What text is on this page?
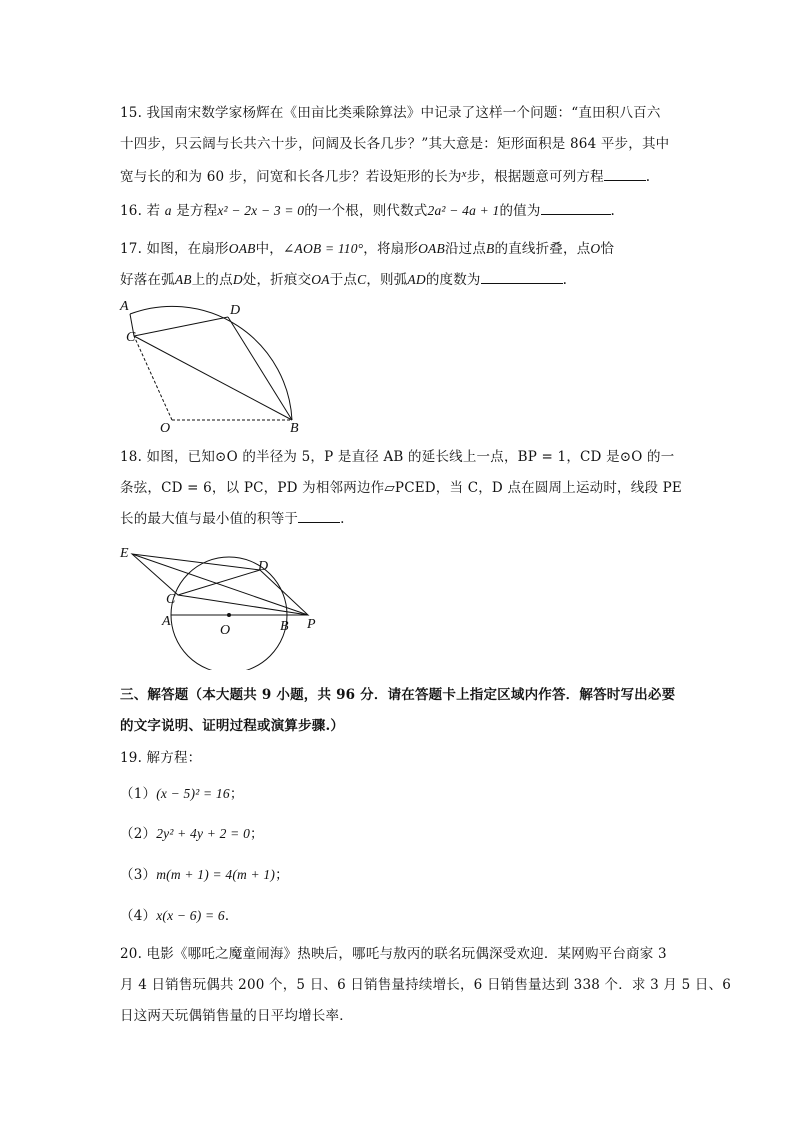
15. 我国南宋数学家杨辉在《田亩比类乘除算法》中记录了这样一个问题：“直田积八百六
十四步，只云阔与长共六十步，问阔及长各几步？”其大意是：矩形面积是 864 平步，其中
宽与长的和为 60 步，问宽和长各几步？若设矩形的长为$^x$步，根据题意可列方程	.
16. 若 a 是方程x² − 2x − 3 = 0的一个根，则代数式2a² − 4a + 1的值为	.
17. 如图，在扇形OAB中，∠AOB = 110°，将扇形OAB沿过点B的直线折叠，点O恰
好落在弧AB上的点D处，折痕交OA于点C，则弧AD的度数为	.
A
C
D
O	B
18. 如图，已知⊙O 的半径为 5，P 是直径 AB 的延长线上一点，BP = 1，CD 是⊙O 的一
条弦，CD = 6，以 PC，PD 为相邻两边作▱PCED，当 C，D 点在圆周上运动时，线段 PE
长的最大值与最小值的积等于	.
E
D
C
A
O	B P
三、解答题（本大题共 9 小题，共 96 分．请在答题卡上指定区域内作答．解答时写出必要
的文字说明、证明过程或演算步骤.）
19. 解方程：
（1）(x − 5)² = 16；
（2）2y² + 4y + 2 = 0；
（3）m(m + 1) = 4(m + 1)；
（4）x(x − 6) = 6．
20. 电影《哪吒之魔童闹海》热映后，哪吒与敖丙的联名玩偶深受欢迎．某网购平台商家 3
月 4 日销售玩偶共 200 个，5 日、6 日销售量持续增长，6 日销售量达到 338 个．求 3 月 5 日、6
日这两天玩偶销售量的日平均增长率．
